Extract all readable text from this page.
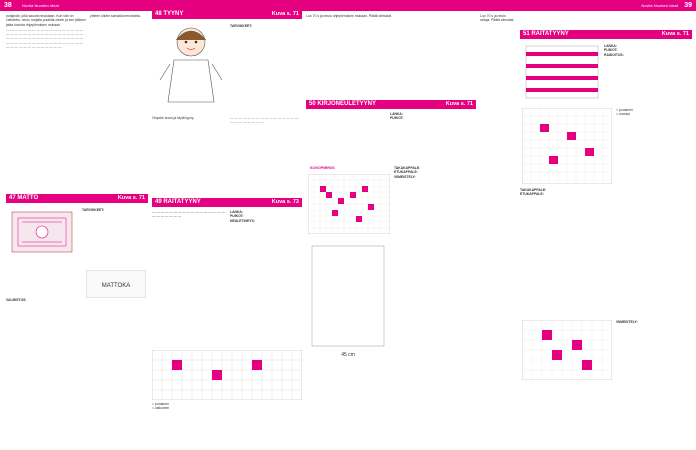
38	Novita Nuorten Ideat	39
Novita Nuorten Ideat

pohjaväri, jolla sauvat neulotaan. Kun väri on vaihdettu, neulo nurjalla puolella oikein ja sen jälkeen jatka kuviota ohjepiirroksen mukaan.

— — — — — — — — — — — — — — — — — — — — — — — — — — — — — — — — — — — — — — — — — — — — — — — — — — — — — — — — — — — — — — — — — — — — — — — — — — — — — — — — — — — — —

yhteen oikein samalla kerroksella.

47 MATTO	Kuva s. 71
TARVIKKEET:
MATTOKA

VALMISTUS:

48 TYYNY	Kuva s. 71
TARVIKKEET:

Ompele kuosi ja täytä tyyny.	— — — — — — — — — — — — — — — — — — — — — — — —

49 RAITATYYNY	Kuva s. 73

LANKA:

PUIKOT:

NEULETIHEYS:

— — — — — — — — — — — — — — — — — — — — — — — —

= punainen

= valkoinen

50 KIRJONEULETYYNY	Kuva s. 71

Luo 70 s ja neulo ohjepiirroksen mukaan. Päätä silmukat.

LANKA:

PUIKOT:

KUVIOPIIRROS
45 cm

TAKAKAPPALE:

ETUKAPPALE:

VIIMEISTELY:

51 RAITATYYNY	Kuva s. 71

Luo 70 s ja neulo raitoja. Päätä silmukat.

LANKA:

PUIKOT:

RAIDOITUS:

= punainen

= oranssi

TAKAKAPPALE:

ETUKAPPALE:

VIIMEISTELY:
